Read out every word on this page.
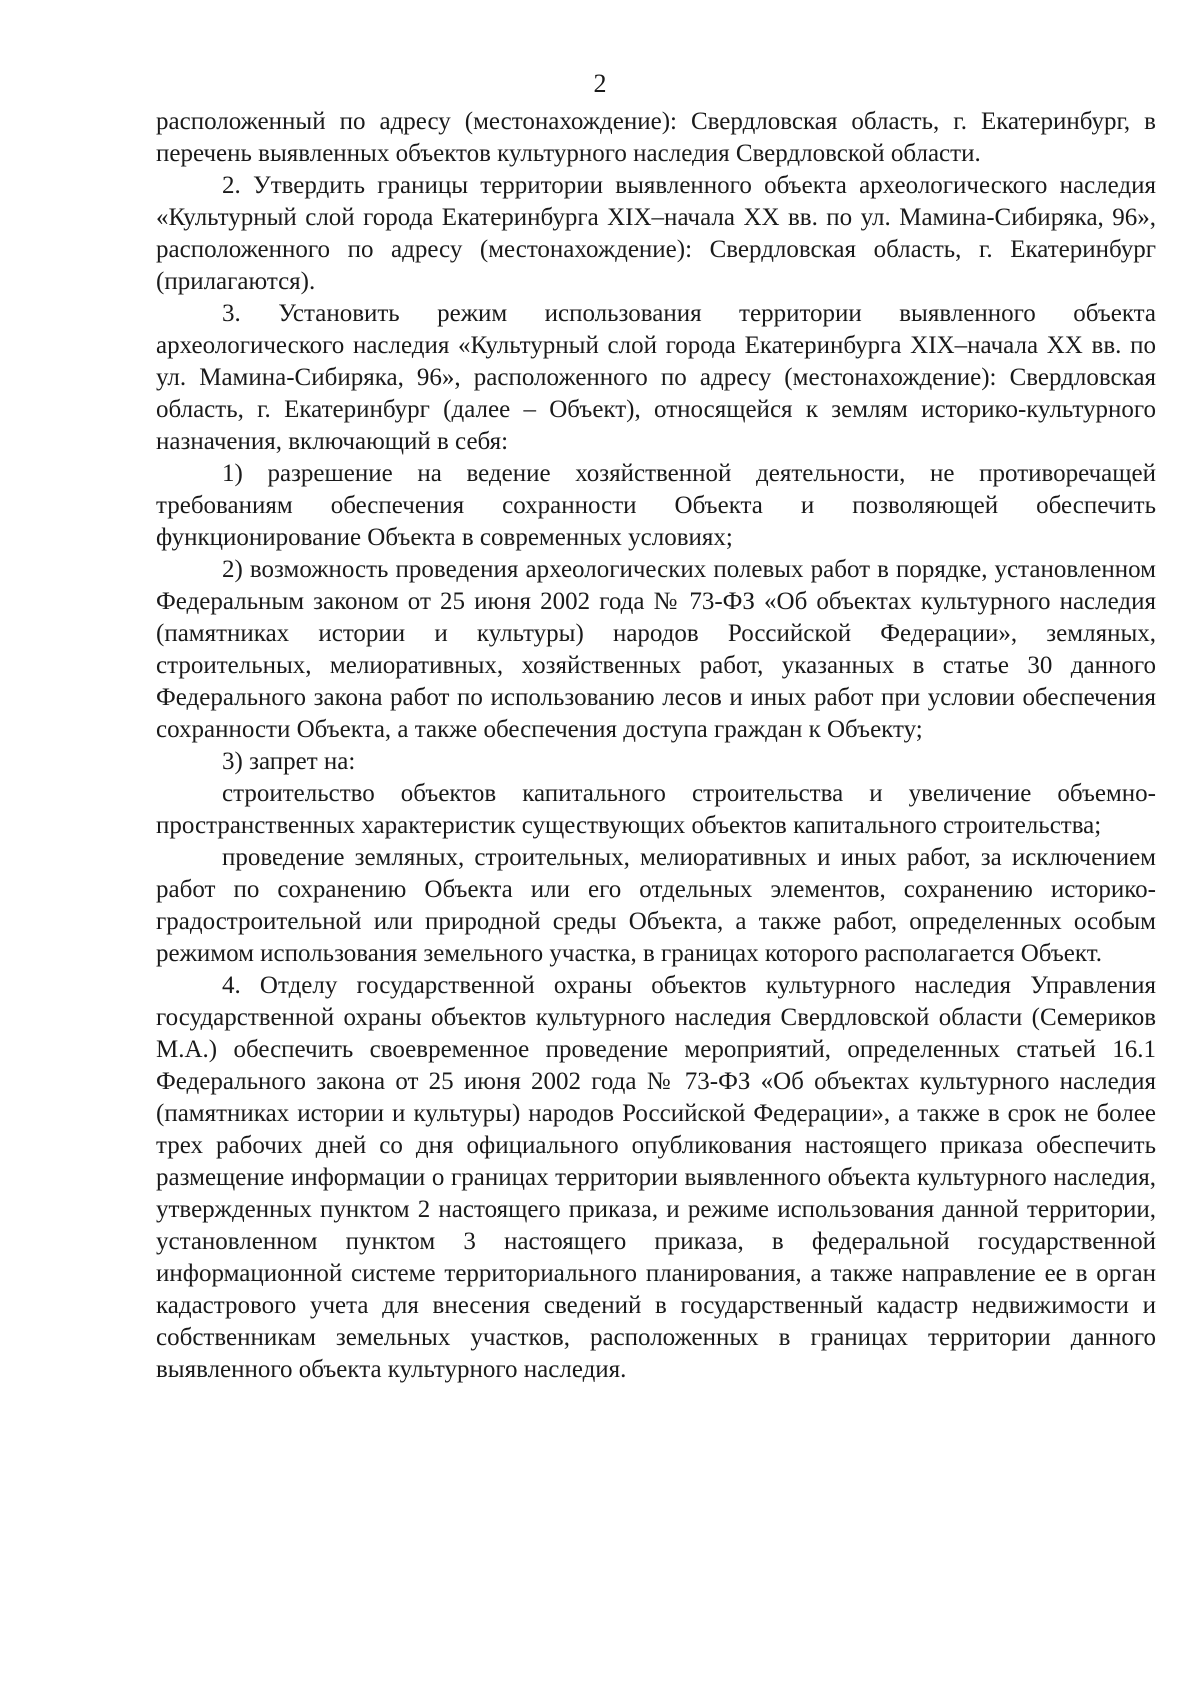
2

расположенный по адресу (местонахождение): Свердловская область, г. Екатеринбург, в перечень выявленных объектов культурного наследия Свердловской области.

2. Утвердить границы территории выявленного объекта археологического наследия «Культурный слой города Екатеринбурга XIX–начала XX вв. по ул. Мамина-Сибиряка, 96», расположенного по адресу (местонахождение): Свердловская область, г. Екатеринбург (прилагаются).

3. Установить режим использования территории выявленного объекта археологического наследия «Культурный слой города Екатеринбурга XIX–начала XX вв. по ул. Мамина-Сибиряка, 96», расположенного по адресу (местонахождение): Свердловская область, г. Екатеринбург (далее – Объект), относящейся к землям историко-культурного назначения, включающий в себя:

1) разрешение на ведение хозяйственной деятельности, не противоречащей требованиям обеспечения сохранности Объекта и позволяющей обеспечить функционирование Объекта в современных условиях;

2) возможность проведения археологических полевых работ в порядке, установленном Федеральным законом от 25 июня 2002 года № 73-ФЗ «Об объектах культурного наследия (памятниках истории и культуры) народов Российской Федерации», земляных, строительных, мелиоративных, хозяйственных работ, указанных в статье 30 данного Федерального закона работ по использованию лесов и иных работ при условии обеспечения сохранности Объекта, а также обеспечения доступа граждан к Объекту;

3) запрет на:

строительство объектов капитального строительства и увеличение объемно-пространственных характеристик существующих объектов капитального строительства;

проведение земляных, строительных, мелиоративных и иных работ, за исключением работ по сохранению Объекта или его отдельных элементов, сохранению историко-градостроительной или природной среды Объекта, а также работ, определенных особым режимом использования земельного участка, в границах которого располагается Объект.

4. Отделу государственной охраны объектов культурного наследия Управления государственной охраны объектов культурного наследия Свердловской области (Семериков М.А.) обеспечить своевременное проведение мероприятий, определенных статьей 16.1 Федерального закона от 25 июня 2002 года № 73-ФЗ «Об объектах культурного наследия (памятниках истории и культуры) народов Российской Федерации», а также в срок не более трех рабочих дней со дня официального опубликования настоящего приказа обеспечить размещение информации о границах территории выявленного объекта культурного наследия, утвержденных пунктом 2 настоящего приказа, и режиме использования данной территории, установленном пунктом 3 настоящего приказа, в федеральной государственной информационной системе территориального планирования, а также направление ее в орган кадастрового учета для внесения сведений в государственный кадастр недвижимости и собственникам земельных участков, расположенных в границах территории данного выявленного объекта культурного наследия.
